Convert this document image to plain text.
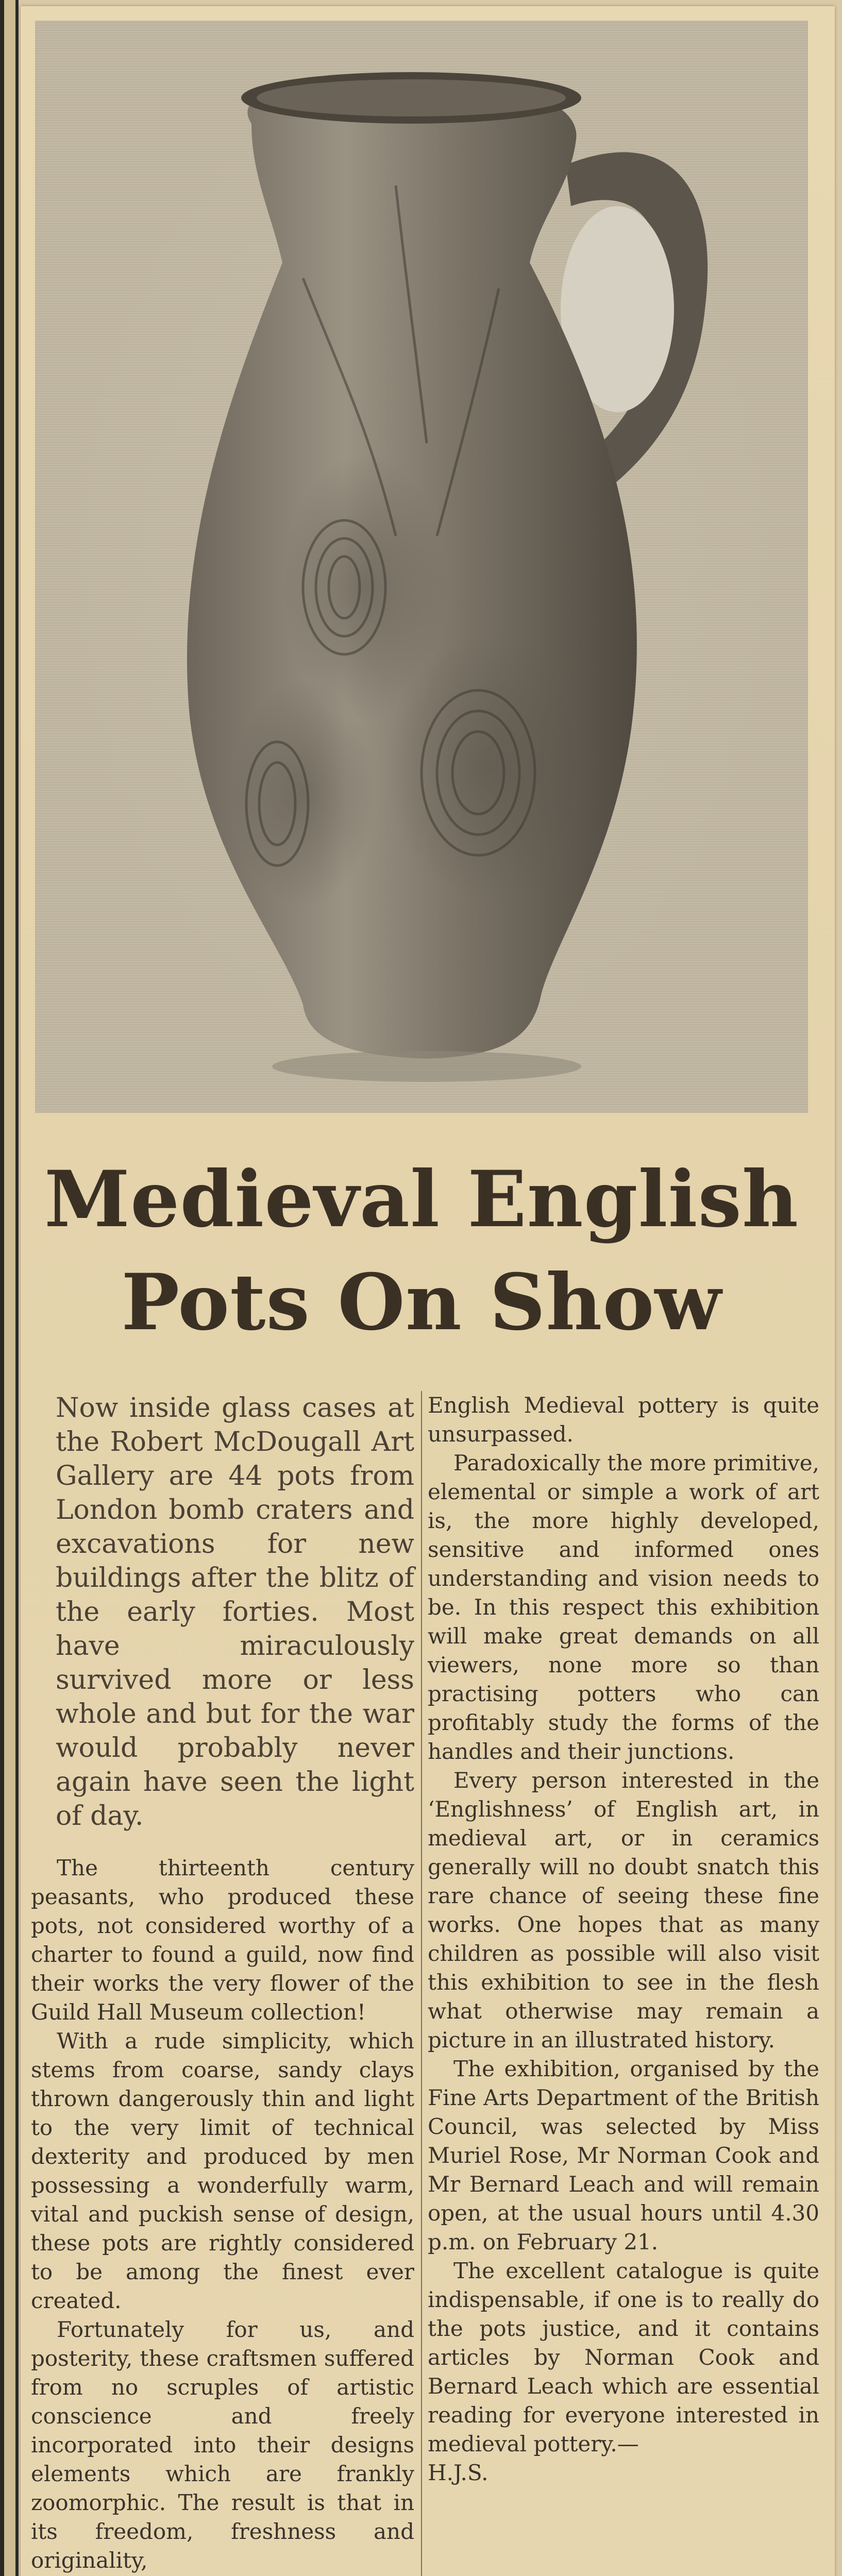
Medieval English
Pots On Show

Now inside glass cases at the Robert McDougall Art Gallery are 44 pots from London bomb craters and excavations for new buildings after the blitz of the early forties. Most have miraculously survived more or less whole and but for the war would probably never again have seen the light of day.

The thirteenth century peasants, who produced these pots, not considered worthy of a charter to found a guild, now find their works the very flower of the Guild Hall Museum collection!

With a rude simplicity, which stems from coarse, sandy clays thrown dangerously thin and light to the very limit of technical dexterity and produced by men possessing a wonderfully warm, vital and puckish sense of design, these pots are rightly considered to be among the finest ever created.

Fortunately for us, and posterity, these craftsmen suffered from no scruples of artistic conscience and freely incorporated into their designs elements which are frankly zoomorphic. The result is that in its freedom, freshness and originality,

English Medieval pottery is quite unsurpassed.

Paradoxically the more primitive, elemental or simple a work of art is, the more highly developed, sensitive and informed ones understanding and vision needs to be. In this respect this exhibition will make great demands on all viewers, none more so than practising potters who can profitably study the forms of the handles and their junctions.

Every person interested in the ‘Englishness’ of English art, in medieval art, or in ceramics generally will no doubt snatch this rare chance of seeing these fine works. One hopes that as many children as possible will also visit this exhibition to see in the flesh what otherwise may remain a picture in an illustrated history.

The exhibition, organised by the Fine Arts Department of the British Council, was selected by Miss Muriel Rose, Mr Norman Cook and Mr Bernard Leach and will remain open, at the usual hours until 4.30 p.m. on February 21.

The excellent catalogue is quite indispensable, if one is to really do the pots justice, and it contains articles by Norman Cook and Bernard Leach which are essential reading for everyone interested in medieval pottery.—

H.J.S.
